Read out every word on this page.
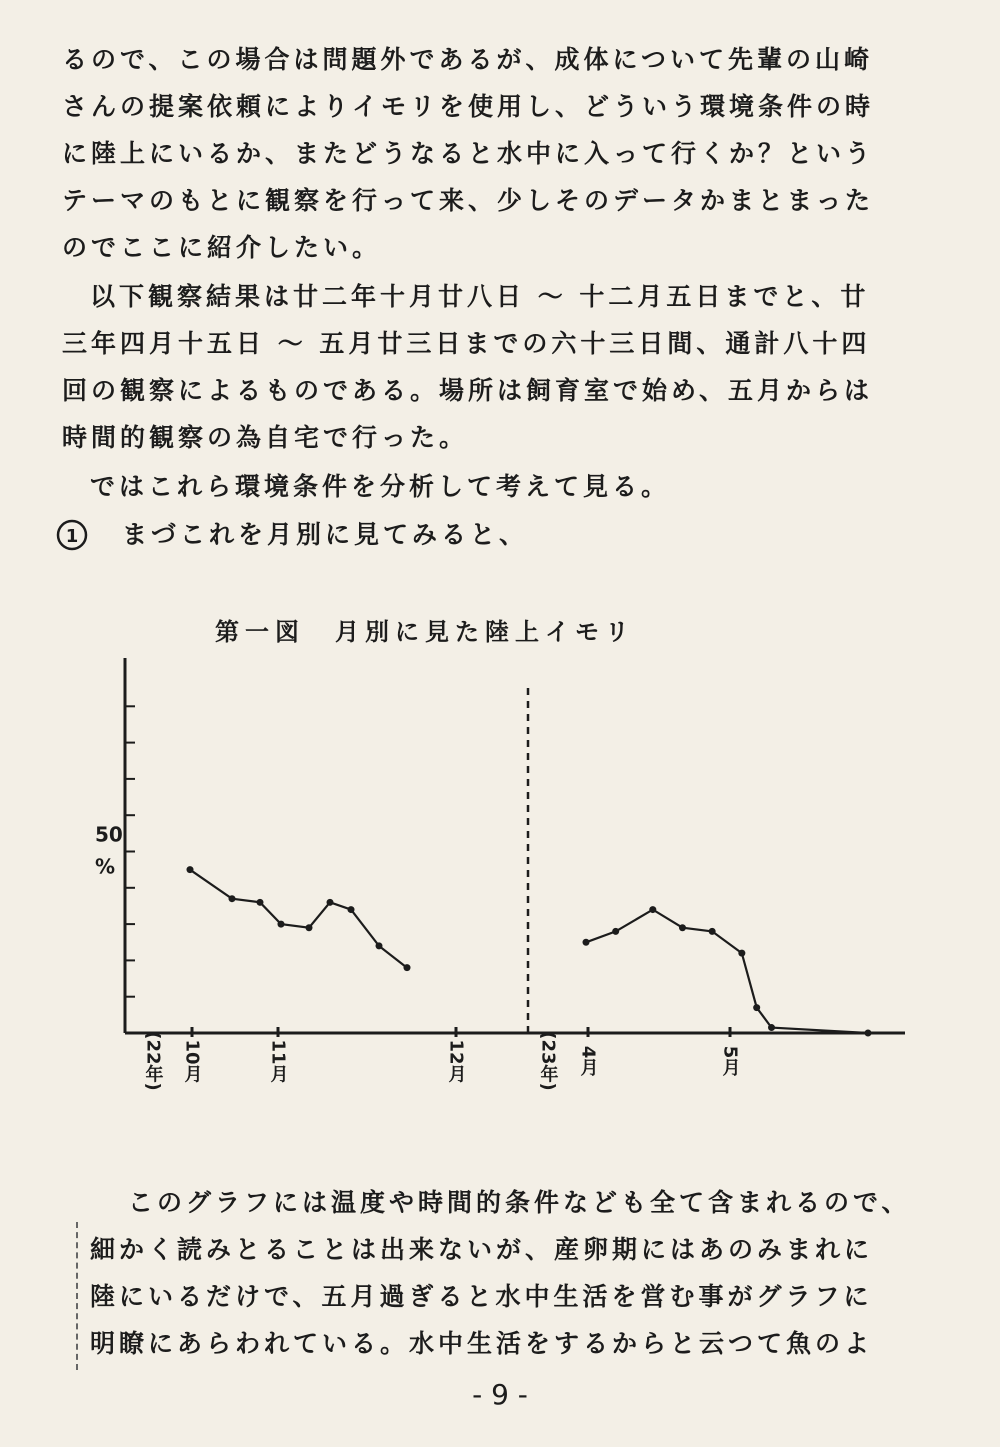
るので、この場合は問題外であるが、成体について先輩の山崎
さんの提案依頼によりイモリを使用し、どういう環境条件の時
に陸上にいるか、またどうなると水中に入って行くか？という
テーマのもとに観察を行って来、少しそのデータかまとまった
のでここに紹介したい。
以下観察結果は廿二年十月廿八日 〜 十二月五日までと、廿
三年四月十五日 〜 五月廿三日までの六十三日間、通計八十四
回の観察によるものである。場所は飼育室で始め、五月からは
時間的観察の為自宅で行った。
ではこれら環境条件を分析して考えて見る。
1 まづこれを月別に見てみると、
第一図　月別に見た陸上イモリ
50
%
(22年) 10月	11月	12月	(23年) 4月	5月
このグラフには温度や時間的条件なども全て含まれるので、
細かく読みとることは出来ないが、産卵期にはあのみまれに
陸にいるだけで、五月過ぎると水中生活を営む事がグラフに
明瞭にあらわれている。水中生活をするからと云つて魚のよ
- 9 -
